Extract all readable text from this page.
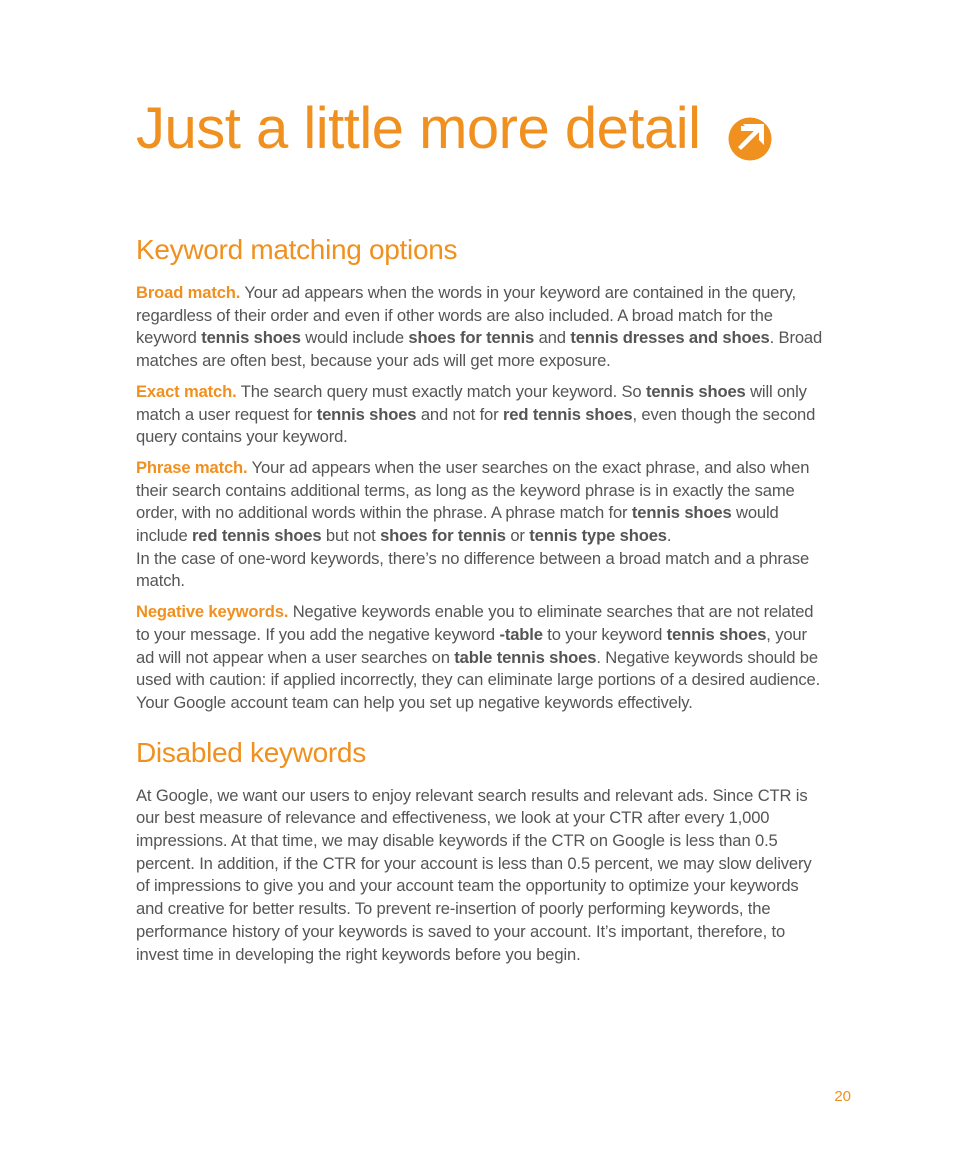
Just a little more detail
Keyword matching options

Broad match. Your ad appears when the words in your keyword are contained in the query, regardless of their order and even if other words are also included. A broad match for the keyword tennis shoes would include shoes for tennis and tennis dresses and shoes. Broad matches are often best, because your ads will get more exposure.

Exact match. The search query must exactly match your keyword. So tennis shoes will only match a user request for tennis shoes and not for red tennis shoes, even though the second query contains your keyword.

Phrase match. Your ad appears when the user searches on the exact phrase, and also when their search contains additional terms, as long as the keyword phrase is in exactly the same order, with no additional words within the phrase. A phrase match for tennis shoes would include red tennis shoes but not shoes for tennis or tennis type shoes.
In the case of one-word keywords, there’s no difference between a broad match and a phrase match.

Negative keywords. Negative keywords enable you to eliminate searches that are not related to your message. If you add the negative keyword -table to your keyword tennis shoes, your ad will not appear when a user searches on table tennis shoes. Negative keywords should be used with caution: if applied incorrectly, they can eliminate large portions of a desired audience. Your Google account team can help you set up negative keywords effectively.

Disabled keywords

At Google, we want our users to enjoy relevant search results and relevant ads. Since CTR is our best measure of relevance and effectiveness, we look at your CTR after every 1,000 impressions. At that time, we may disable keywords if the CTR on Google is less than 0.5 percent. In addition, if the CTR for your account is less than 0.5 percent, we may slow delivery of impressions to give you and your account team the opportunity to optimize your keywords and creative for better results. To prevent re-insertion of poorly performing keywords, the performance history of your keywords is saved to your account. It’s important, therefore, to invest time in developing the right keywords before you begin.

20
